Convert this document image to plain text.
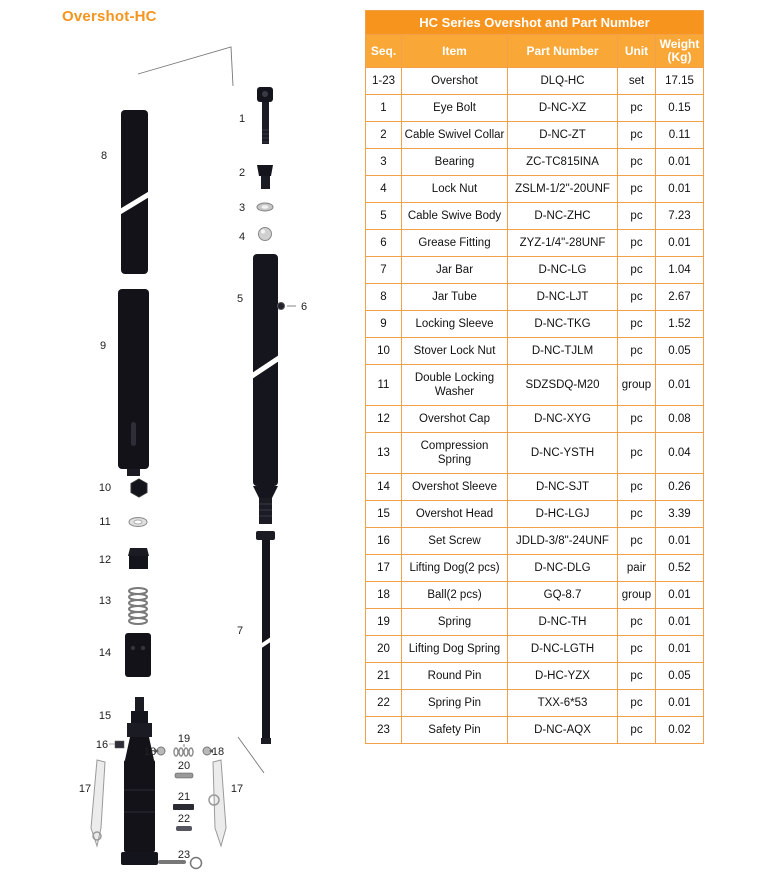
Overshot-HC
1
2
3
4
5
6
7
8
9
10
11
12
13
14
15
16
17	17
18	18
19
20
21
22
23
HC Series Overshot and Part Number				
Seq.	Item	Part Number	Unit	Weight (Kg)
1-23	Overshot	DLQ-HC	set	17.15
1	Eye Bolt	D-NC-XZ	pc	0.15
2	Cable Swivel Collar	D-NC-ZT	pc	0.11
3	Bearing	ZC-TC815INA	pc	0.01
4	Lock Nut	ZSLM-1/2"-20UNF	pc	0.01
5	Cable Swive Body	D-NC-ZHC	pc	7.23
6	Grease Fitting	ZYZ-1/4"-28UNF	pc	0.01
7	Jar Bar	D-NC-LG	pc	1.04
8	Jar Tube	D-NC-LJT	pc	2.67
9	Locking Sleeve	D-NC-TKG	pc	1.52
10	Stover Lock Nut	D-NC-TJLM	pc	0.05
11	Double Locking Washer	SDZSDQ-M20	group	0.01
12	Overshot Cap	D-NC-XYG	pc	0.08
13	Compression Spring	D-NC-YSTH	pc	0.04
14	Overshot Sleeve	D-NC-SJT	pc	0.26
15	Overshot Head	D-HC-LGJ	pc	3.39
16	Set Screw	JDLD-3/8"-24UNF	pc	0.01
17	Lifting Dog(2 pcs)	D-NC-DLG	pair	0.52
18	Ball(2 pcs)	GQ-8.7	group	0.01
19	Spring	D-NC-TH	pc	0.01
20	Lifting Dog Spring	D-NC-LGTH	pc	0.01
21	Round Pin	D-HC-YZX	pc	0.05
22	Spring Pin	TXX-6*53	pc	0.01
23	Safety Pin	D-NC-AQX	pc	0.02
